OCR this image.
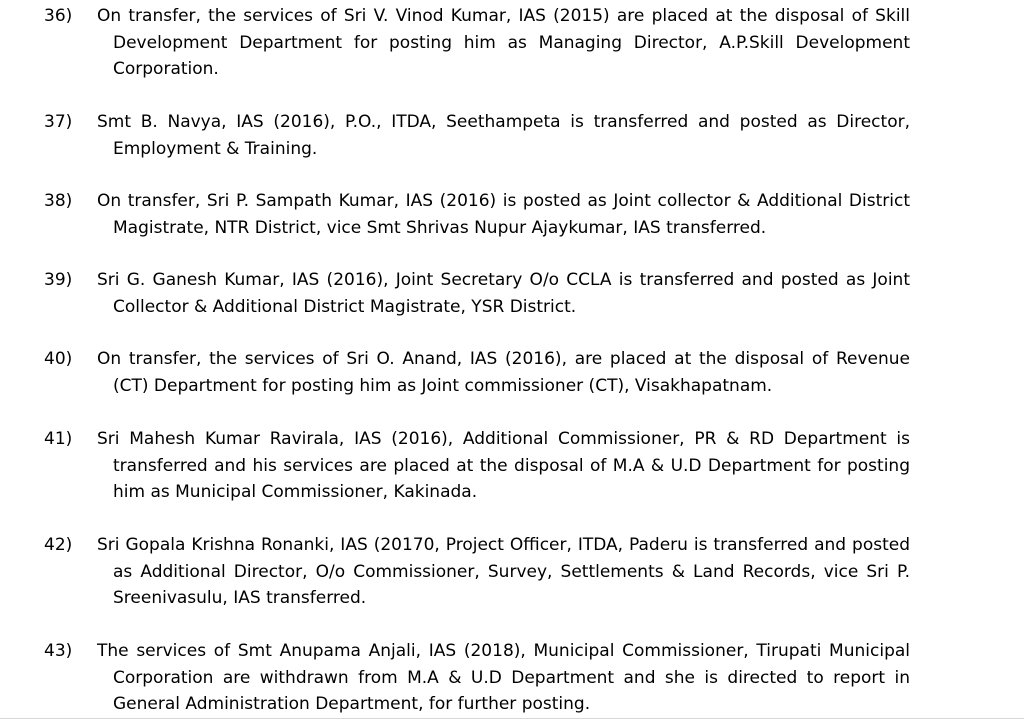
36) On transfer, the services of Sri V. Vinod Kumar, IAS (2015) are placed at the disposal of Skill Development Department for posting him as Managing Director, A.P.Skill Development Corporation.
37) Smt B. Navya, IAS (2016), P.O., ITDA, Seethampeta is transferred and posted as Director, Employment & Training.
38) On transfer, Sri P. Sampath Kumar, IAS (2016) is posted as Joint collector & Additional District Magistrate, NTR District, vice Smt Shrivas Nupur Ajaykumar, IAS transferred.
39) Sri G. Ganesh Kumar, IAS (2016), Joint Secretary O/o CCLA is transferred and posted as Joint Collector & Additional District Magistrate, YSR District.
40) On transfer, the services of Sri O. Anand, IAS (2016), are placed at the disposal of Revenue (CT) Department for posting him as Joint commissioner (CT), Visakhapatnam.
41) Sri Mahesh Kumar Ravirala, IAS (2016), Additional Commissioner, PR & RD Department is transferred and his services are placed at the disposal of M.A & U.D Department for posting him as Municipal Commissioner, Kakinada.
42) Sri Gopala Krishna Ronanki, IAS (20170, Project Officer, ITDA, Paderu is transferred and posted as Additional Director, O/o Commissioner, Survey, Settlements & Land Records, vice Sri P. Sreenivasulu, IAS transferred.
43) The services of Smt Anupama Anjali, IAS (2018), Municipal Commissioner, Tirupati Municipal Corporation are withdrawn from M.A & U.D Department and she is directed to report in General Administration Department, for further posting.
